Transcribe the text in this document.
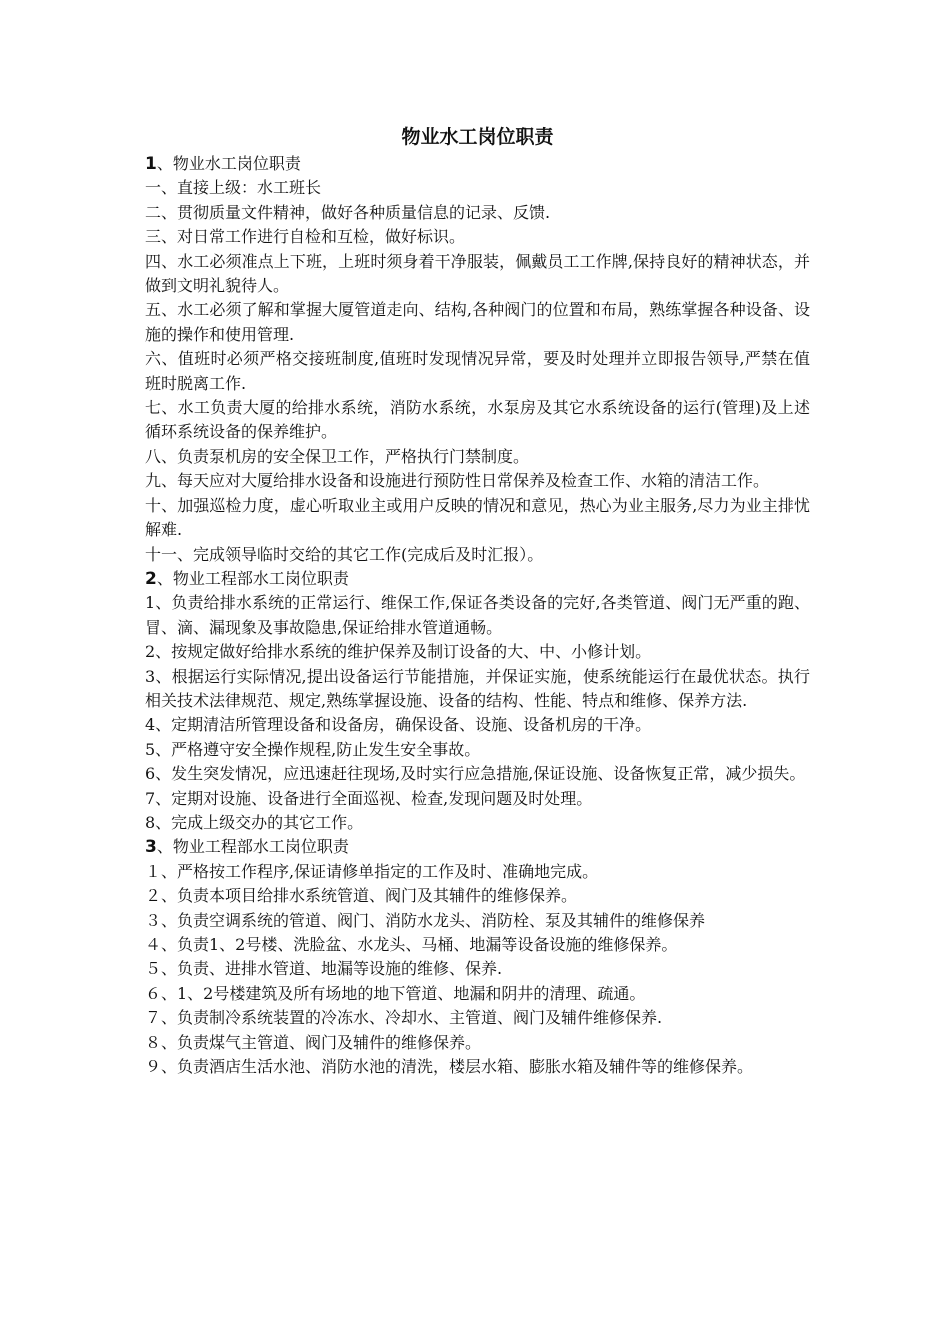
物业水工岗位职责

1、物业水工岗位职责

一、直接上级：水工班长

二、贯彻质量文件精神，做好各种质量信息的记录、反馈.

三、对日常工作进行自检和互检，做好标识。

四、水工必须准点上下班，上班时须身着干净服装，佩戴员工工作牌,保持良好的精神状态，并做到文明礼貌待人。

五、水工必须了解和掌握大厦管道走向、结构,各种阀门的位置和布局，熟练掌握各种设备、设施的操作和使用管理.

六、值班时必须严格交接班制度,值班时发现情况异常，要及时处理并立即报告领导,严禁在值班时脱离工作.

七、水工负责大厦的给排水系统，消防水系统，水泵房及其它水系统设备的运行(管理)及上述循环系统设备的保养维护。

八、负责泵机房的安全保卫工作，严格执行门禁制度。

九、每天应对大厦给排水设备和设施进行预防性日常保养及检查工作、水箱的清洁工作。

十、加强巡检力度，虚心听取业主或用户反映的情况和意见，热心为业主服务,尽力为业主排忧解难.

十一、完成领导临时交给的其它工作(完成后及时汇报）。

2、物业工程部水工岗位职责

1、负责给排水系统的正常运行、维保工作,保证各类设备的完好,各类管道、阀门无严重的跑、冒、滴、漏现象及事故隐患,保证给排水管道通畅。

2、按规定做好给排水系统的维护保养及制订设备的大、中、小修计划。

3、根据运行实际情况,提出设备运行节能措施，并保证实施，使系统能运行在最优状态。执行相关技术法律规范、规定,熟练掌握设施、设备的结构、性能、特点和维修、保养方法.

4、定期清洁所管理设备和设备房，确保设备、设施、设备机房的干净。

5、严格遵守安全操作规程,防止发生安全事故。

6、发生突发情况，应迅速赶往现场,及时实行应急措施,保证设施、设备恢复正常，减少损失。

7、定期对设施、设备进行全面巡视、检查,发现问题及时处理。

8、完成上级交办的其它工作。

3、物业工程部水工岗位职责

１、严格按工作程序,保证请修单指定的工作及时、准确地完成。

２、负责本项目给排水系统管道、阀门及其辅件的维修保养。

３、负责空调系统的管道、阀门、消防水龙头、消防栓、泵及其辅件的维修保养

４、负责1、2号楼、洗脸盆、水龙头、马桶、地漏等设备设施的维修保养。

５、负责、进排水管道、地漏等设施的维修、保养.

６、1、2号楼建筑及所有场地的地下管道、地漏和阴井的清理、疏通。

７、负责制冷系统装置的冷冻水、冷却水、主管道、阀门及辅件维修保养.

８、负责煤气主管道、阀门及辅件的维修保养。

９、负责酒店生活水池、消防水池的清洗，楼层水箱、膨胀水箱及辅件等的维修保养。
